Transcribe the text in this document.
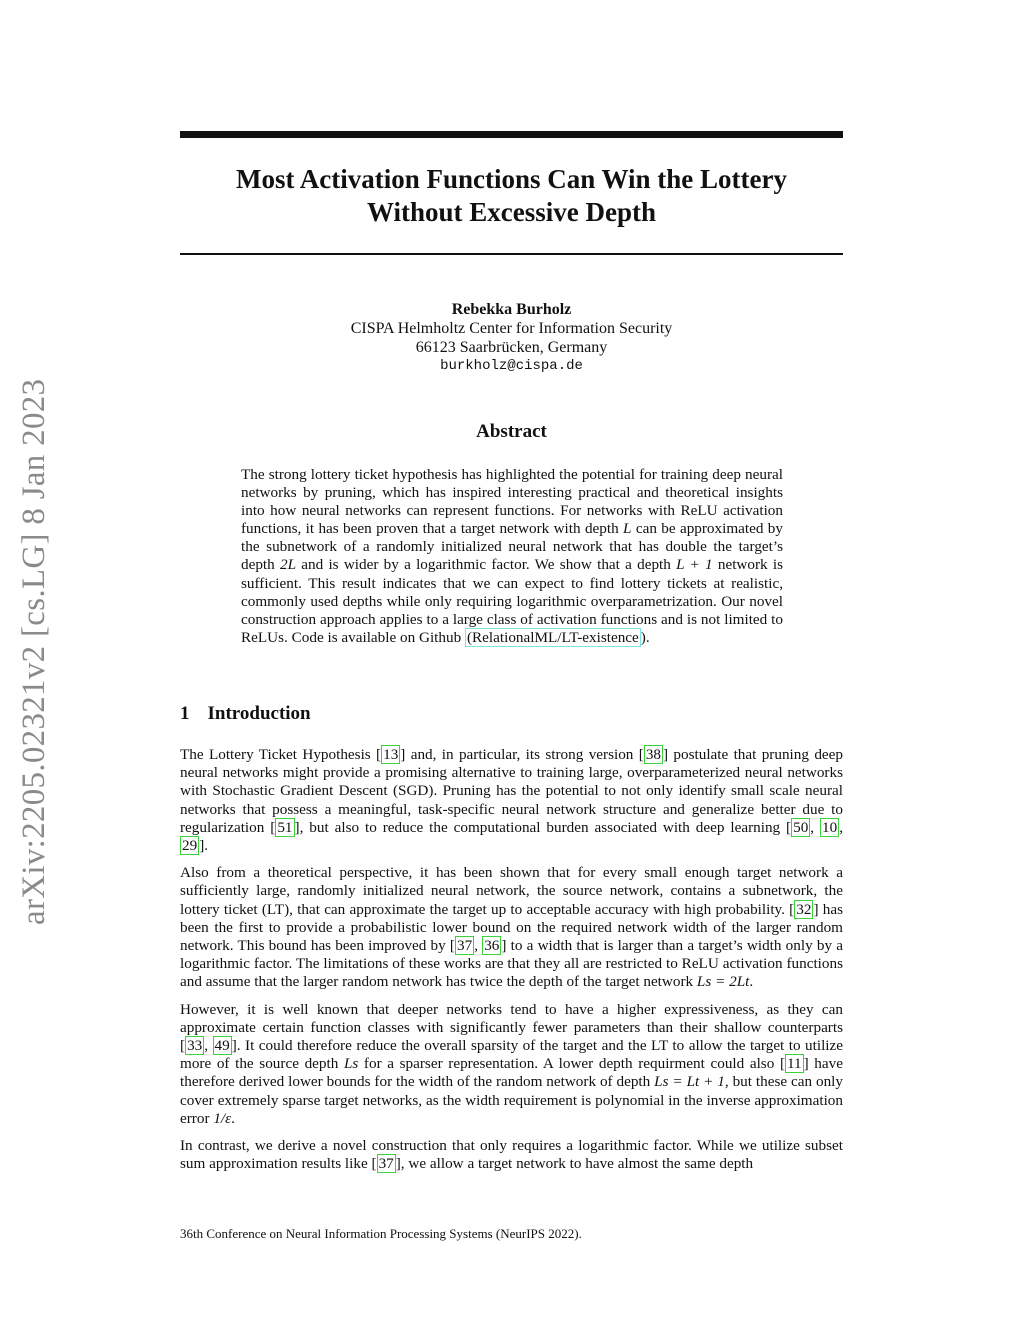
Most Activation Functions Can Win the Lottery
Without Excessive Depth
arXiv:2205.02321v2 [cs.LG] 8 Jan 2023
Rebekka Burholz
CISPA Helmholtz Center for Information Security
66123 Saarbrücken, Germany
burkholz@cispa.de
Abstract
The strong lottery ticket hypothesis has highlighted the potential for training deep neural networks by pruning, which has inspired interesting practical and theoretical insights into how neural networks can represent functions. For networks with ReLU activation functions, it has been proven that a target network with depth L can be approximated by the subnetwork of a randomly initialized neural network that has double the target’s depth 2L and is wider by a logarithmic factor. We show that a depth L + 1 network is sufficient. This result indicates that we can expect to find lottery tickets at realistic, commonly used depths while only requiring logarithmic overparametrization. Our novel construction approach applies to a large class of activation functions and is not limited to ReLUs. Code is available on Github (RelationalML/LT-existence ).
1 Introduction

The Lottery Ticket Hypothesis [ 13 ] and, in particular, its strong version [ 38 ] postulate that pruning deep neural networks might provide a promising alternative to training large, overparameterized neural networks with Stochastic Gradient Descent (SGD). Pruning has the potential to not only identify small scale neural networks that possess a meaningful, task-specific neural network structure and generalize better due to regularization [ 51 ], but also to reduce the computational burden associated with deep learning [ 50 , 10 , 29 ].

Also from a theoretical perspective, it has been shown that for every small enough target network a sufficiently large, randomly initialized neural network, the source network, contains a subnetwork, the lottery ticket (LT), that can approximate the target up to acceptable accuracy with high probability. [ 32 ] has been the first to provide a probabilistic lower bound on the required network width of the larger random network. This bound has been improved by [ 37 , 36 ] to a width that is larger than a target’s width only by a logarithmic factor. The limitations of these works are that they all are restricted to ReLU activation functions and assume that the larger random network has twice the depth of the target network Ls = 2Lt.

However, it is well known that deeper networks tend to have a higher expressiveness, as they can approximate certain function classes with significantly fewer parameters than their shallow counterparts [ 33 , 49 ]. It could therefore reduce the overall sparsity of the target and the LT to allow the target to utilize more of the source depth Ls for a sparser representation. A lower depth requirment could also [ 11 ] have therefore derived lower bounds for the width of the random network of depth Ls = Lt + 1, but these can only cover extremely sparse target networks, as the width requirement is polynomial in the inverse approximation error 1/ε.

In contrast, we derive a novel construction that only requires a logarithmic factor. While we utilize subset sum approximation results like [ 37 ], we allow a target network to have almost the same depth

36th Conference on Neural Information Processing Systems (NeurIPS 2022).
